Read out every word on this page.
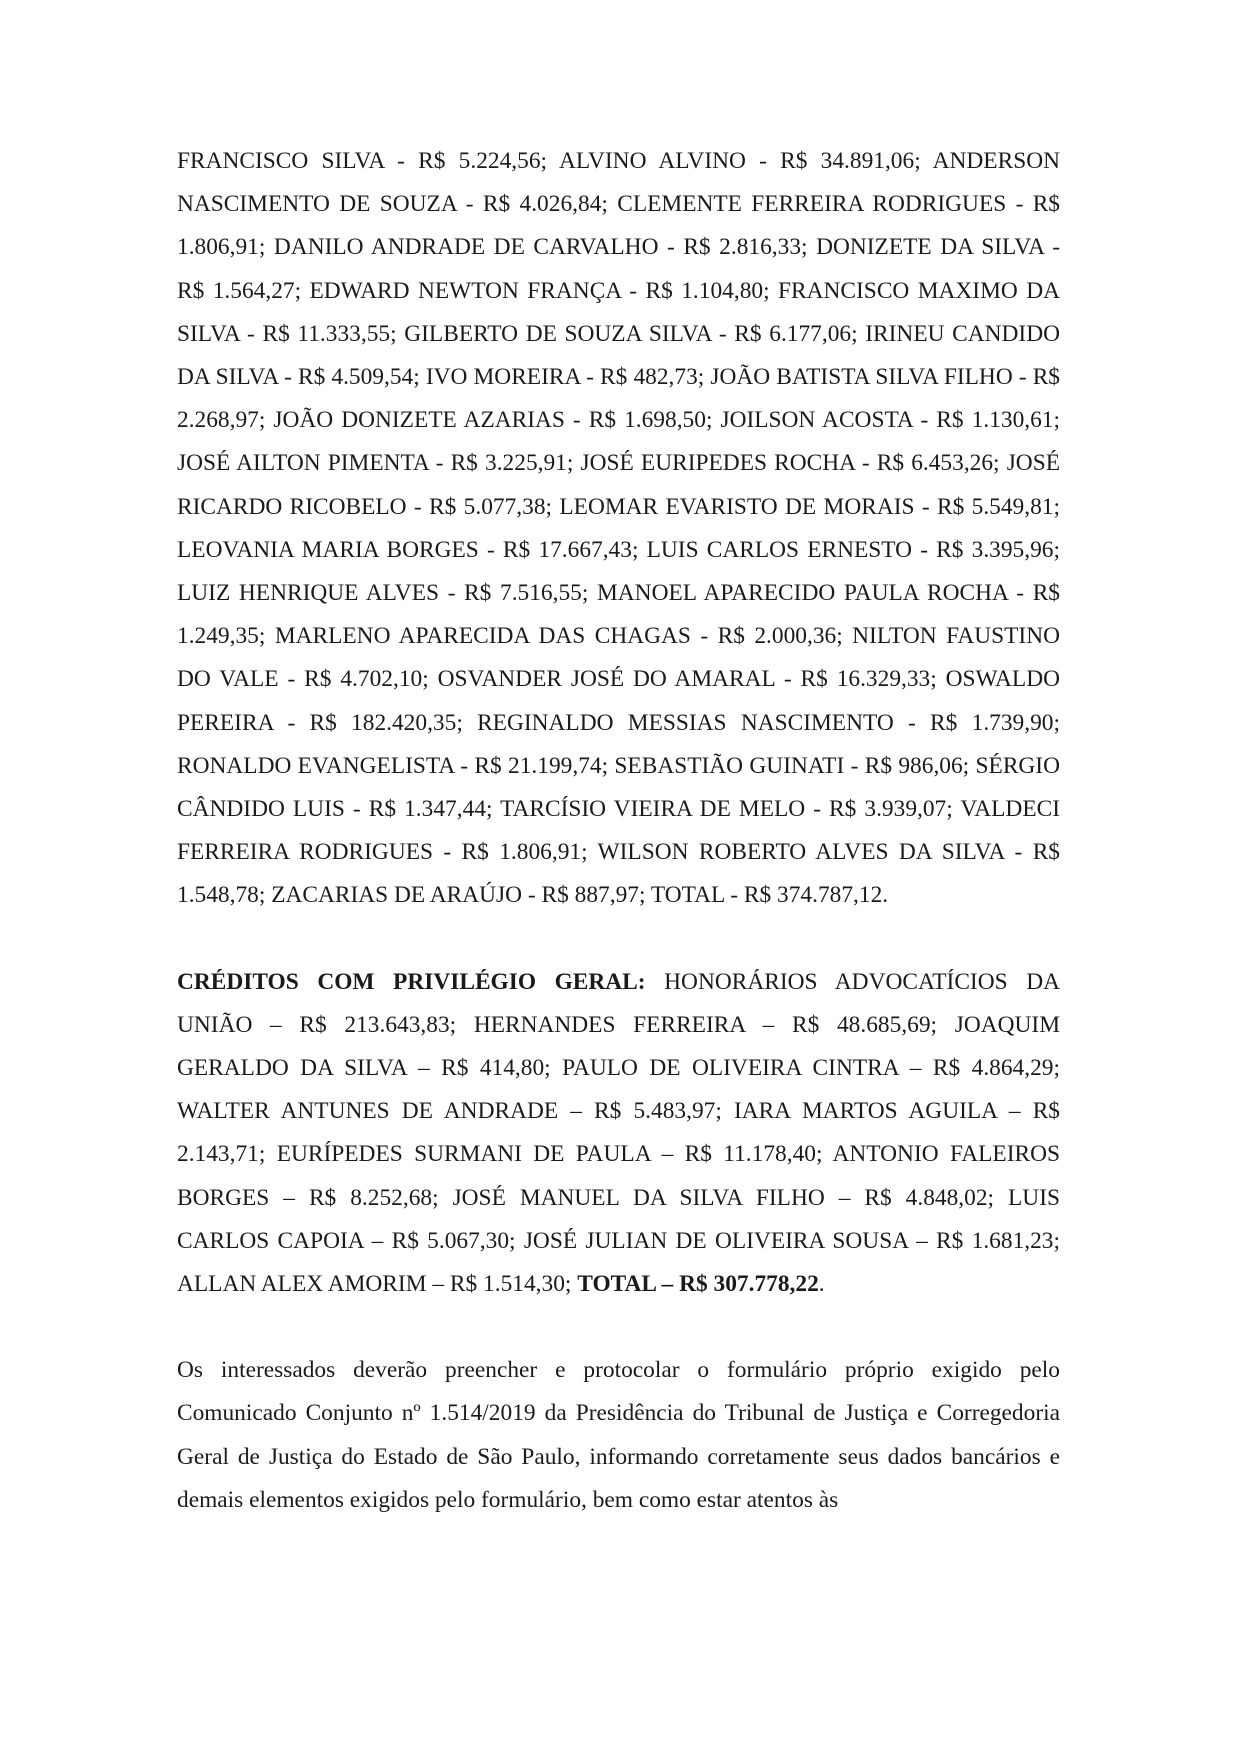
FRANCISCO SILVA - R$ 5.224,56; ALVINO ALVINO - R$ 34.891,06; ANDERSON NASCIMENTO DE SOUZA - R$ 4.026,84; CLEMENTE FERREIRA RODRIGUES - R$ 1.806,91; DANILO ANDRADE DE CARVALHO - R$ 2.816,33; DONIZETE DA SILVA - R$ 1.564,27; EDWARD NEWTON FRANÇA - R$ 1.104,80; FRANCISCO MAXIMO DA SILVA - R$ 11.333,55; GILBERTO DE SOUZA SILVA - R$ 6.177,06; IRINEU CANDIDO DA SILVA - R$ 4.509,54; IVO MOREIRA - R$ 482,73; JOÃO BATISTA SILVA FILHO - R$ 2.268,97; JOÃO DONIZETE AZARIAS - R$ 1.698,50; JOILSON ACOSTA - R$ 1.130,61; JOSÉ AILTON PIMENTA - R$ 3.225,91; JOSÉ EURIPEDES ROCHA - R$ 6.453,26; JOSÉ RICARDO RICOBELO - R$ 5.077,38; LEOMAR EVARISTO DE MORAIS - R$ 5.549,81; LEOVANIA MARIA BORGES - R$ 17.667,43; LUIS CARLOS ERNESTO - R$ 3.395,96; LUIZ HENRIQUE ALVES - R$ 7.516,55; MANOEL APARECIDO PAULA ROCHA - R$ 1.249,35; MARLENO APARECIDA DAS CHAGAS - R$ 2.000,36; NILTON FAUSTINO DO VALE - R$ 4.702,10; OSVANDER JOSÉ DO AMARAL - R$ 16.329,33; OSWALDO PEREIRA - R$ 182.420,35; REGINALDO MESSIAS NASCIMENTO - R$ 1.739,90; RONALDO EVANGELISTA - R$ 21.199,74; SEBASTIÃO GUINATI - R$ 986,06; SÉRGIO CÂNDIDO LUIS - R$ 1.347,44; TARCÍSIO VIEIRA DE MELO - R$ 3.939,07; VALDECI FERREIRA RODRIGUES - R$ 1.806,91; WILSON ROBERTO ALVES DA SILVA - R$ 1.548,78; ZACARIAS DE ARAÚJO - R$ 887,97; TOTAL - R$ 374.787,12.

CRÉDITOS COM PRIVILÉGIO GERAL: HONORÁRIOS ADVOCATÍCIOS DA UNIÃO – R$ 213.643,83; HERNANDES FERREIRA – R$ 48.685,69; JOAQUIM GERALDO DA SILVA – R$ 414,80; PAULO DE OLIVEIRA CINTRA – R$ 4.864,29; WALTER ANTUNES DE ANDRADE – R$ 5.483,97; IARA MARTOS AGUILA – R$ 2.143,71; EURÍPEDES SURMANI DE PAULA – R$ 11.178,40; ANTONIO FALEIROS BORGES – R$ 8.252,68; JOSÉ MANUEL DA SILVA FILHO – R$ 4.848,02; LUIS CARLOS CAPOIA – R$ 5.067,30; JOSÉ JULIAN DE OLIVEIRA SOUSA – R$ 1.681,23; ALLAN ALEX AMORIM – R$ 1.514,30; TOTAL – R$ 307.778,22.

Os interessados deverão preencher e protocolar o formulário próprio exigido pelo Comunicado Conjunto nº 1.514/2019 da Presidência do Tribunal de Justiça e Corregedoria Geral de Justiça do Estado de São Paulo, informando corretamente seus dados bancários e demais elementos exigidos pelo formulário, bem como estar atentos às
